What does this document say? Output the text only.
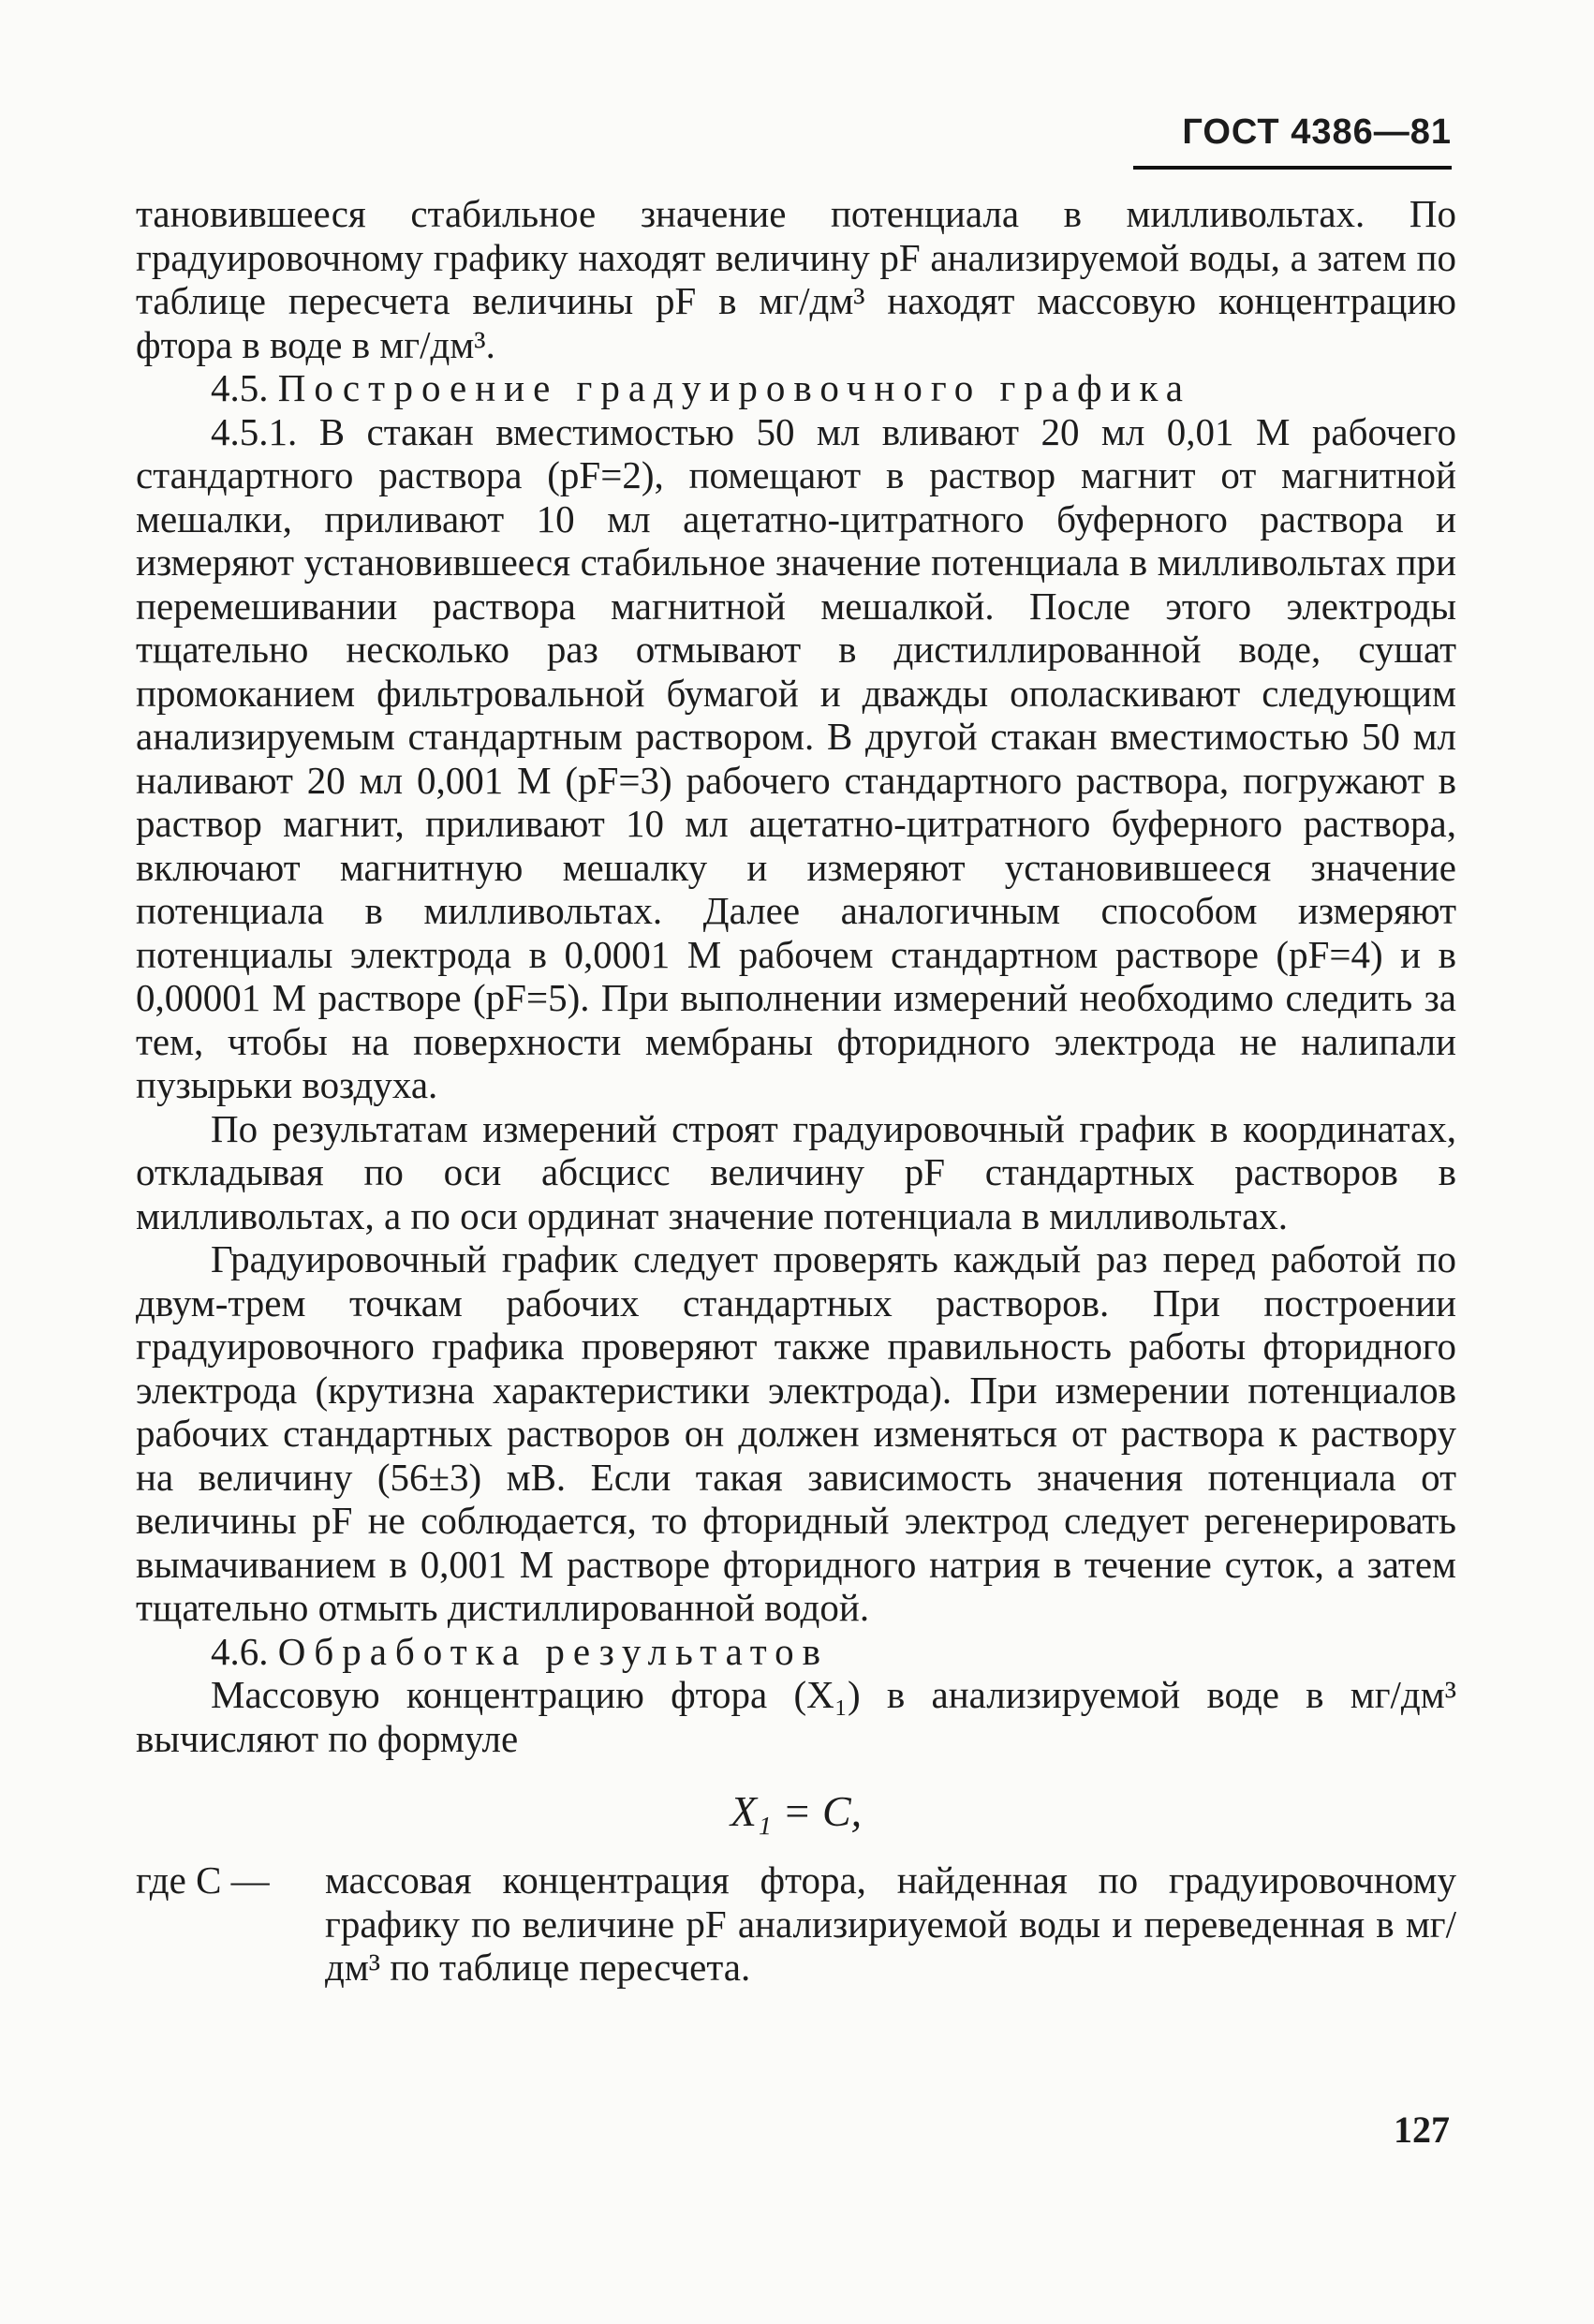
ГОСТ 4386—81

тановившееся стабильное значение потенциала в милливольтах. По градуировочному графику находят величину pF анализируемой воды, а затем по таблице пересчета величины pF в мг/дм³ находят массовую концентрацию фтора в воде в мг/дм³.

4.5. Построение градуировочного графика

4.5.1. В стакан вместимостью 50 мл вливают 20 мл 0,01 М рабочего стандартного раствора (pF=2), помещают в раствор магнит от магнитной мешалки, приливают 10 мл ацетатно-цитратного буферного раствора и измеряют установившееся стабильное значение потенциала в милливольтах при перемешивании раствора магнитной мешалкой. После этого электроды тщательно несколько раз отмывают в дистиллированной воде, сушат промоканием фильтровальной бумагой и дважды ополаскивают следующим анализируемым стандартным раствором. В другой стакан вместимостью 50 мл наливают 20 мл 0,001 М (pF=3) рабочего стандартного раствора, погружают в раствор магнит, приливают 10 мл ацетатно-цитратного буферного раствора, включают магнитную мешалку и измеряют установившееся значение потенциала в милливольтах. Далее аналогичным способом измеряют потенциалы электрода в 0,0001 М рабочем стандартном растворе (pF=4) и в 0,00001 М растворе (pF=5). При выполнении измерений необходимо следить за тем, чтобы на поверхности мембраны фторидного электрода не налипали пузырьки воздуха.

По результатам измерений строят градуировочный график в координатах, откладывая по оси абсцисс величину pF стандартных растворов в милливольтах, а по оси ординат значение потенциала в милливольтах.

Градуировочный график следует проверять каждый раз перед работой по двум-трем точкам рабочих стандартных растворов. При построении градуировочного графика проверяют также правильность работы фторидного электрода (крутизна характеристики электрода). При измерении потенциалов рабочих стандартных растворов он должен изменяться от раствора к раствору на величину (56±3) мВ. Если такая зависимость значения потенциала от величины pF не соблюдается, то фторидный электрод следует регенерировать вымачиванием в 0,001 М растворе фторидного натрия в течение суток, а затем тщательно отмыть дистиллированной водой.

4.6. Обработка результатов

Массовую концентрацию фтора (X₁) в анализируемой воде в мг/дм³ вычисляют по формуле

X₁ = C,
где C —	массовая концентрация фтора, найденная по градуировочному графику по величине pF анализириуемой воды и переведенная в мг/дм³ по таблице пересчета.
127
